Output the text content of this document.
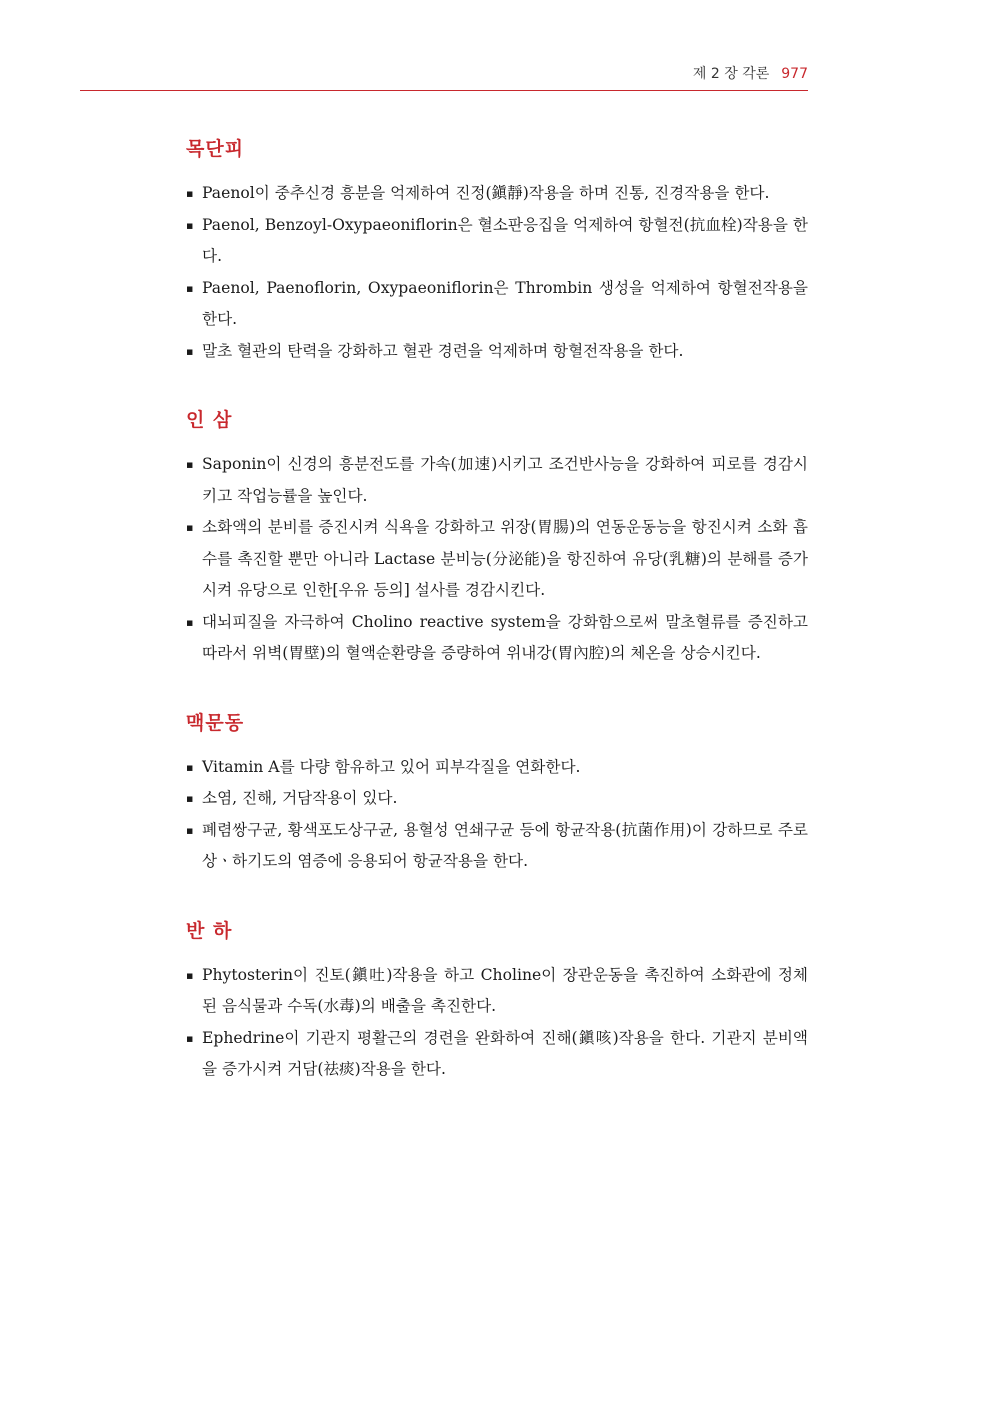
제 2 장 각론 977
목단피
▪ Paenol이 중추신경 흥분을 억제하여 진정(鎭靜)작용을 하며 진통, 진경작용을 한다.
▪ Paenol, Benzoyl-Oxypaeoniflorin은 혈소판응집을 억제하여 항혈전(抗血栓)작용을 한다.
▪ Paenol, Paenoflorin, Oxypaeoniflorin은 Thrombin 생성을 억제하여 항혈전작용을 한다.
▪ 말초 혈관의 탄력을 강화하고 혈관 경련을 억제하며 항혈전작용을 한다.
인 삼
▪ Saponin이 신경의 흥분전도를 가속(加速)시키고 조건반사능을 강화하여 피로를 경감시키고 작업능률을 높인다.
▪ 소화액의 분비를 증진시켜 식욕을 강화하고 위장(胃腸)의 연동운동능을 항진시켜 소화 흡수를 촉진할 뿐만 아니라 Lactase 분비능(分泌能)을 항진하여 유당(乳糖)의 분해를 증가시켜 유당으로 인한[우유 등의] 설사를 경감시킨다.
▪ 대뇌피질을 자극하여 Cholino reactive system을 강화함으로써 말초혈류를 증진하고 따라서 위벽(胃壁)의 혈액순환량을 증량하여 위내강(胃內腔)의 체온을 상승시킨다.
맥문동
▪ Vitamin A를 다량 함유하고 있어 피부각질을 연화한다.
▪ 소염, 진해, 거담작용이 있다.
▪ 폐렴쌍구균, 황색포도상구균, 용혈성 연쇄구균 등에 항균작용(抗菌作用)이 강하므로 주로 상ㆍ하기도의 염증에 응용되어 항균작용을 한다.
반 하
▪ Phytosterin이 진토(鎭吐)작용을 하고 Choline이 장관운동을 촉진하여 소화관에 정체된 음식물과 수독(水毒)의 배출을 촉진한다.
▪ Ephedrine이 기관지 평활근의 경련을 완화하여 진해(鎭咳)작용을 한다. 기관지 분비액을 증가시켜 거담(祛痰)작용을 한다.
